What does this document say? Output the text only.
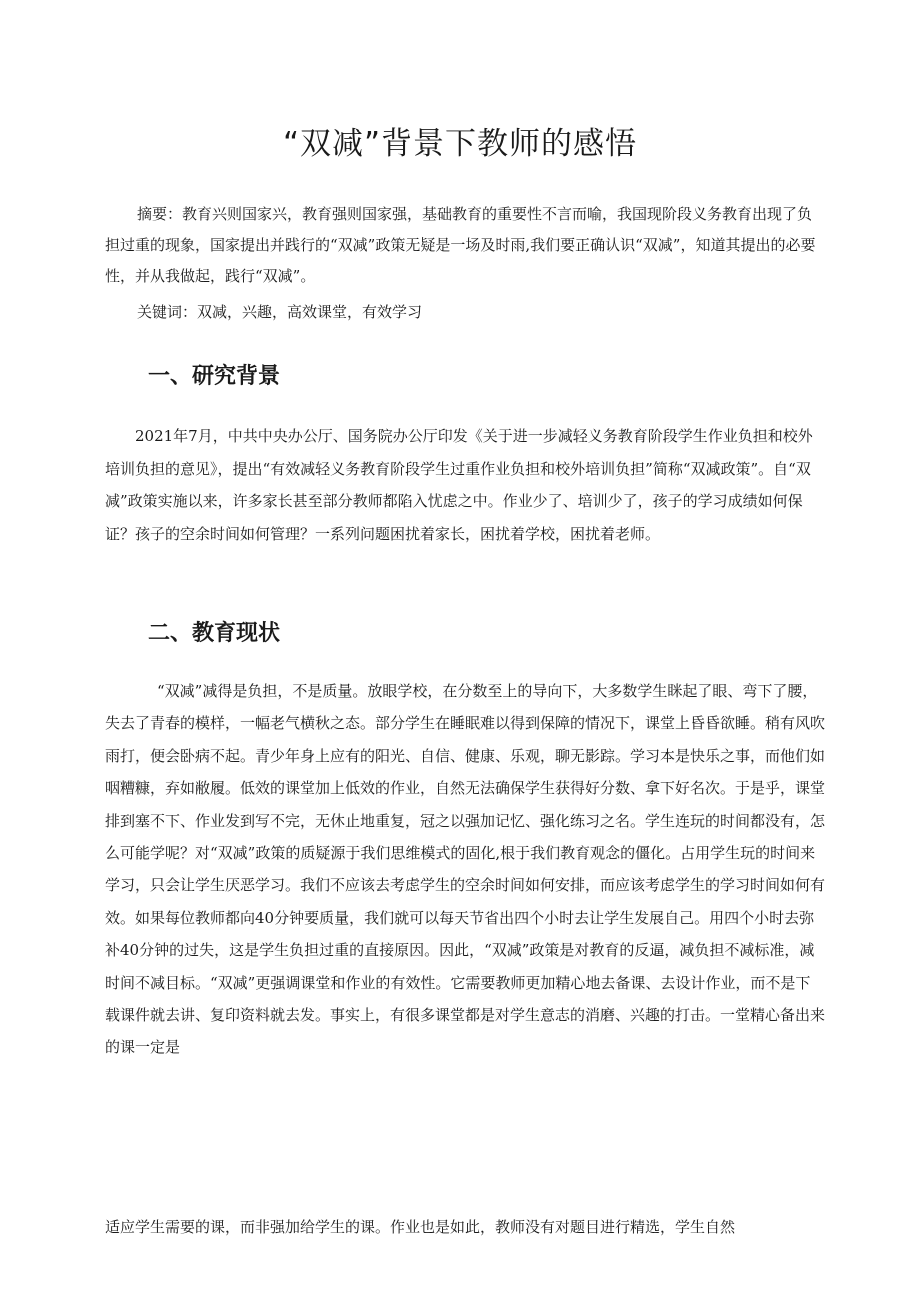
“双减”背景下教师的感悟

摘要：教育兴则国家兴，教育强则国家强，基础教育的重要性不言而喻，我国现阶段义务教育出现了负担过重的现象，国家提出并践行的“双减”政策无疑是一场及时雨,我们要正确认识“双减”，知道其提出的必要性，并从我做起，践行“双减”。

关键词：双减，兴趣，高效课堂，有效学习

一、研究背景

2021年7月，中共中央办公厅、国务院办公厅印发《关于进一步减轻义务教育阶段学生作业负担和校外培训负担的意见》，提出“有效减轻义务教育阶段学生过重作业负担和校外培训负担”简称“双减政策”。自“双减”政策实施以来，许多家长甚至部分教师都陷入忧虑之中。作业少了、培训少了，孩子的学习成绩如何保证？孩子的空余时间如何管理？一系列问题困扰着家长，困扰着学校，困扰着老师。

二、教育现状

“双减”减得是负担，不是质量。放眼学校，在分数至上的导向下，大多数学生眯起了眼、弯下了腰，失去了青春的模样，一幅老气横秋之态。部分学生在睡眠难以得到保障的情况下，课堂上昏昏欲睡。稍有风吹雨打，便会卧病不起。青少年身上应有的阳光、自信、健康、乐观，聊无影踪。学习本是快乐之事，而他们如咽糟糠，弃如敝履。低效的课堂加上低效的作业，自然无法确保学生获得好分数、拿下好名次。于是乎，课堂排到塞不下、作业发到写不完，无休止地重复，冠之以强加记忆、强化练习之名。学生连玩的时间都没有，怎么可能学呢？对“双减”政策的质疑源于我们思维模式的固化,根于我们教育观念的僵化。占用学生玩的时间来学习，只会让学生厌恶学习。我们不应该去考虑学生的空余时间如何安排，而应该考虑学生的学习时间如何有效。如果每位教师都向40分钟要质量，我们就可以每天节省出四个小时去让学生发展自己。用四个小时去弥补40分钟的过失，这是学生负担过重的直接原因。因此，“双减”政策是对教育的反逼，减负担不减标准，减时间不减目标。“双减”更强调课堂和作业的有效性。它需要教师更加精心地去备课、去设计作业，而不是下载课件就去讲、复印资料就去发。事实上，有很多课堂都是对学生意志的消磨、兴趣的打击。一堂精心备出来的课一定是

适应学生需要的课，而非强加给学生的课。作业也是如此，教师没有对题目进行精选，学生自然
